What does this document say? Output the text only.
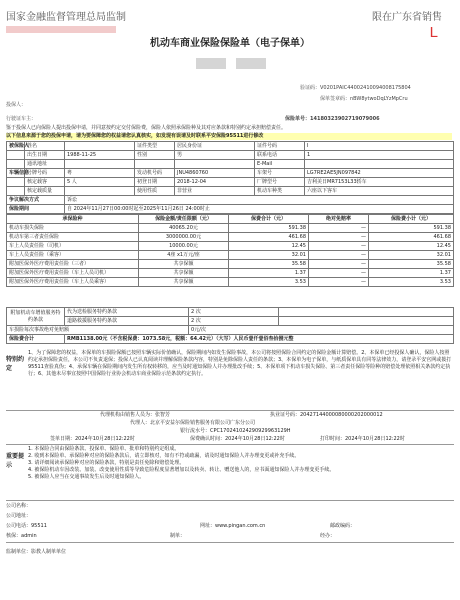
国家金融监督管理总局监制	限在广东省销售
L
机动车商业保险保险单（电子保单）
验证码：V0201PAIC44002410094008175804
保单签章码：nBW8ytwoDqLYzMpCru
投保人：
保险单号：14180323902719079006
行驶证车主：
鉴于投保人已向保险人提出投保申请，并同意按约定交付保险费，保险人依照承保险种及其对应条款和特别约定承担赔偿责任。
以下信息来源于您的投保申请，请为要保障您的权益请您认真核实，如发现有误请及时联系平安保险95511进行修改
被保险人	姓名		证件类型	居民身份证	证件号码	I
	出生日期	1988-11-25	性别	男	联系电话	1
	通讯地址				E-Mail	
车辆信息	号牌号码	粤	发动机号码	JNU4860760	车架号	LG7RE2AE5JN097842
	核定载客	5 人	初登日期	2018-12-04	厂牌型号	吉利美日MR7153L33轿车
	核定载质量		使用性质	非营业	机动车种类	六座以下客车
争议解决方式	诉讼
保险期间	自 2024年11月27日00:00时起至2025年11月26日 24:00时止
承保险种	保险金额/责任限额（元）	保费合计（元）	绝对免赔率	保险费小计（元）
机动车损失保险	40065.20元	591.38	—	591.38
机动车第三者责任保险	3000000.00元	461.68	—	461.68
车上人员责任险（司机）	10000.00元	12.45	—	12.45
车上人员责任险（乘客）	4座 x1万元/座	32.01	—	32.01
附加医保外医疗费用责任险（三者）	共享保额	35.58	—	35.58
附加医保外医疗费用责任险（车上人员司机）	共享保额	1.37	—	1.37
附加医保外医疗费用责任险（车上人员乘客）	共享保额	3.53	—	3.53
附加机动车增值服务特约条款	代为送检服务特约条款	2 次	
	道路救援服务特约条款	2 次	
车损险每次事故绝对免赔额		0元/次	
保险费合计	RMB1138.00元（不含税保费：1073.58元，税额：64.42元）（大写）人民币壹仟壹佰叁拾捌元整		
特别约定
1、为了保障您的权益，本保单的车损险保额已按照车辆实际价值确认，保险期间内如发生保险事故，本公司将按照保险合同约定的保险金额计算赔偿。2、本保单已经投保人确认，保险人按照约定承担保险责任，本公司不负责退保；投保人已认真阅读并理解保险条款内容，特别是免除保险人责任的条款；3、本保单为电子保单，与纸质保单具有同等法律效力，请登录平安官网或拨打95511查验真伪；4、承保车辆在保险期间内发生所有权转移的，应当及时通知保险人并办理批改手续；5、本保单项下机动车损失保险、第三者责任保险等险种的赔偿处理依照相关条款约定执行；6、其他未尽事宜按照中国保险行业协会机动车商业保险示范条款约定执行。
代理机构由销售人员为：张智芳	执业证号码：20427144000080000202000012
代理人：北京平安益尔保险销售服务有限公司广东分公司
银行流水号：CPC170241024290929963129H
签单日期：2024年10月28日12:22时	保费确认时间：2024年10月28日12:22时	打印时间：2024年10月28日12:22时
重要提示
1. 本保险合同由保险条款、投保单、保险单、批单和特别约定组成。
2. 收到本保险单、承保险种对应的保险条款后，请立即核对，如有不符或疏漏，请及时通知保险人并办理变更或补充手续。
3. 请详细阅读承保险种对应的保险条款，特别是责任免除和赔偿处理。
4. 被保险机动车因改装、加装、改变使用性质等导致危险程度显著增加以及转卖、转让、赠送他人的，应书面通知保险人并办理变更手续。
5. 被保险人应当在交通事故发生后及时通知保险人。
公司名称：
公司地址：
公司电话：95511	网址：www.pingan.com.cn	邮政编码：
核保：admin	制单：	经办：
监制单位：影教人制单单位
